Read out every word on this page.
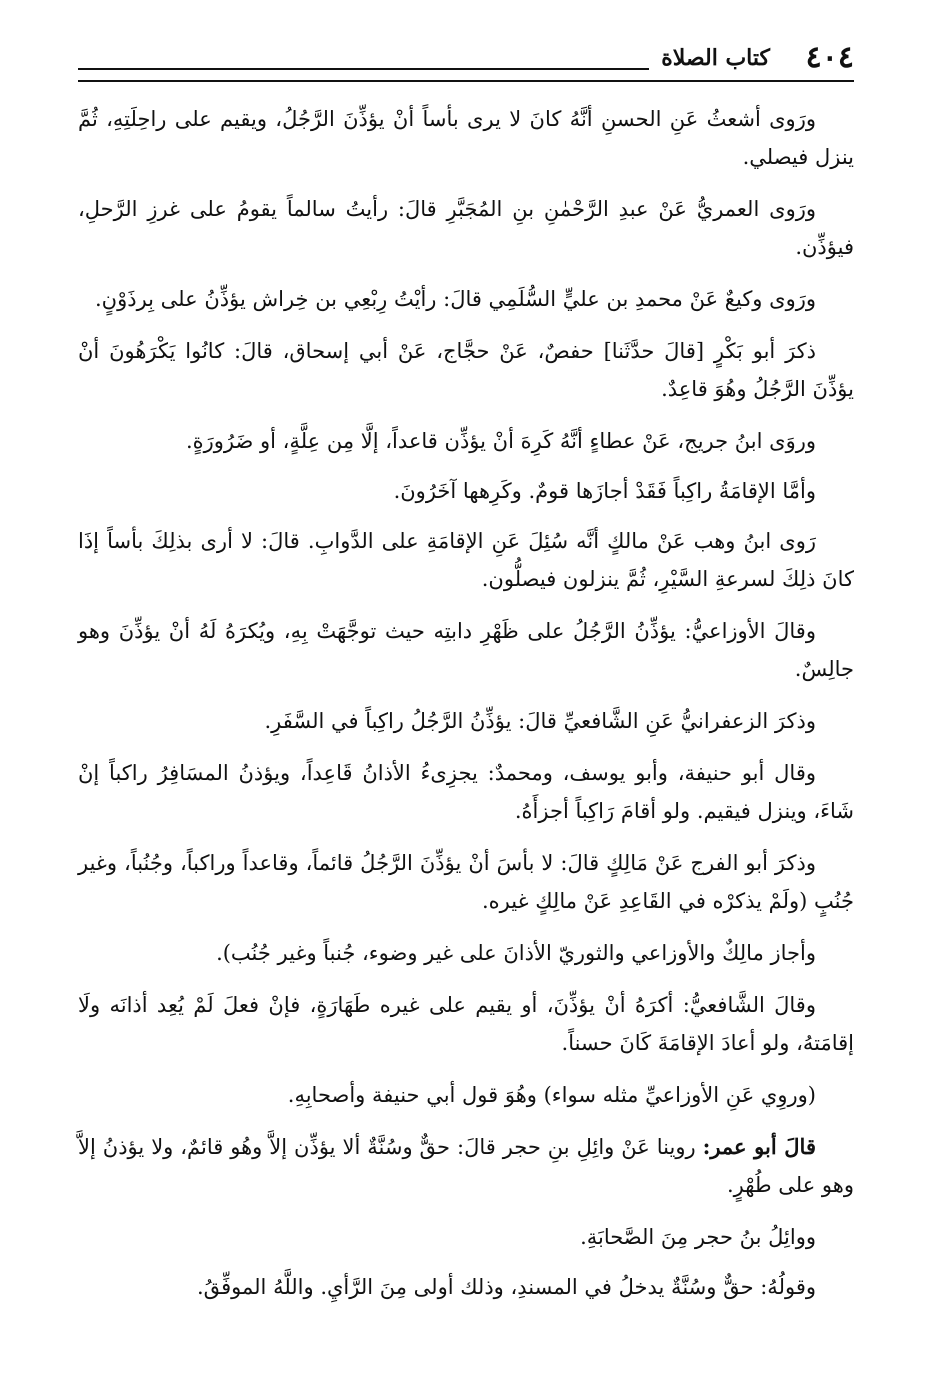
٤٠٤
كتاب الصلاة

ورَوى أشعثُ عَنِ الحسنِ أنَّهُ كانَ لا يرى بأساً أنْ يؤذِّنَ الرَّجُلُ، ويقيم على راحِلَتِهِ، ثُمَّ ينزل فيصلي.

ورَوى العمريُّ عَنْ عبدِ الرَّحْمٰنِ بنِ المُجَبَّرِ قالَ: رأيتُ سالماً يقومُ على غرزِ الرَّحلِ، فيؤذِّن.

ورَوى وكيعٌ عَنْ محمدِ بن عليٍّ السُّلَمِي قالَ: رأيْتُ رِبْعِي بن خِراش يؤذِّنُ على بِرذَوْنٍ.

ذكرَ أبو بَكْرٍ [قالَ حدَّثَنا] حفصٌ، عَنْ حجَّاج، عَنْ أبي إسحاق، قالَ: كانُوا يَكْرَهُونَ أنْ يؤذِّنَ الرَّجُلُ وهُوَ قاعِدٌ.

وروَى ابنُ جريج، عَنْ عطاءٍ أنَّهُ كَرِهَ أنْ يؤذِّن قاعداً، إلَّا مِن عِلَّةٍ، أو ضَرُورَةٍ.

وأمَّا الإقامَةُ راكِباً فَقَدْ أجازَها قومٌ. وكَرِهها آخَرُونَ.

رَوى ابنُ وهب عَنْ مالكٍ أنَّه سُئِلَ عَنِ الإقامَةِ على الدَّوابِ. قالَ: لا أرى بذلِكَ بأساً إذَا كانَ ذلِكَ لسرعةِ السَّيْرِ، ثُمَّ ينزلون فيصلُّون.

وقالَ الأوزاعيُّ: يؤذِّنُ الرَّجُلُ على ظَهْرِ دابتِه حيث توجَّهَتْ بِهِ، ويُكرَهُ لَهُ أنْ يؤذِّنَ وهو جالِسٌ.

وذكرَ الزعفرانيُّ عَنِ الشَّافعيِّ قالَ: يؤذِّنُ الرَّجُلُ راكِباً في السَّفَرِ.

وقال أبو حنيفة، وأبو يوسف، ومحمدٌ: يجزِىءُ الأذانُ قَاعِداً، ويؤذنُ المسَافِرُ راكباً إنْ شَاءَ، وينزل فيقيم. ولو أقامَ رَاكِباً أجزأَهُ.

وذكرَ أبو الفرج عَنْ مَالِكٍ قالَ: لا بأسَ أنْ يؤذِّنَ الرَّجُلُ قائماً، وقاعداً وراكباً، وجُنُباً، وغير جُنُبٍ (ولَمْ يذكرْه في القَاعِدِ عَنْ مالِكٍ غيره.

وأجاز مالِكٌ والأوزاعي والثوريّ الأذانَ على غير وضوء، جُنباً وغير جُنُب).

وقالَ الشَّافعيُّ: أكرَهُ أنْ يؤذِّنَ، أو يقيم على غيره طَهَارَةٍ، فإنْ فعلَ لَمْ يُعِد أذانَه ولَا إقامَتهُ، ولو أعادَ الإقامَةَ كَانَ حسناً.

(وروِي عَنِ الأوزاعيِّ مثله سواء) وهُوَ قول أبي حنيفة وأصحابِهِ.

قالَ أبو عمر: روينا عَنْ وائِلِ بنِ حجر قالَ: حقٌّ وسُنَّةٌ ألا يؤذِّن إلاَّ وهُو قائمٌ، ولا يؤذنُ إلاَّ وهو على طُهْرٍ.

ووائِلُ بنُ حجر مِنَ الصَّحابَةِ.

وقولُهُ: حقٌّ وسُنَّةٌ يدخلُ في المسندِ، وذلك أولى مِنَ الرَّأيِ. واللَّهُ الموفِّقُ.
